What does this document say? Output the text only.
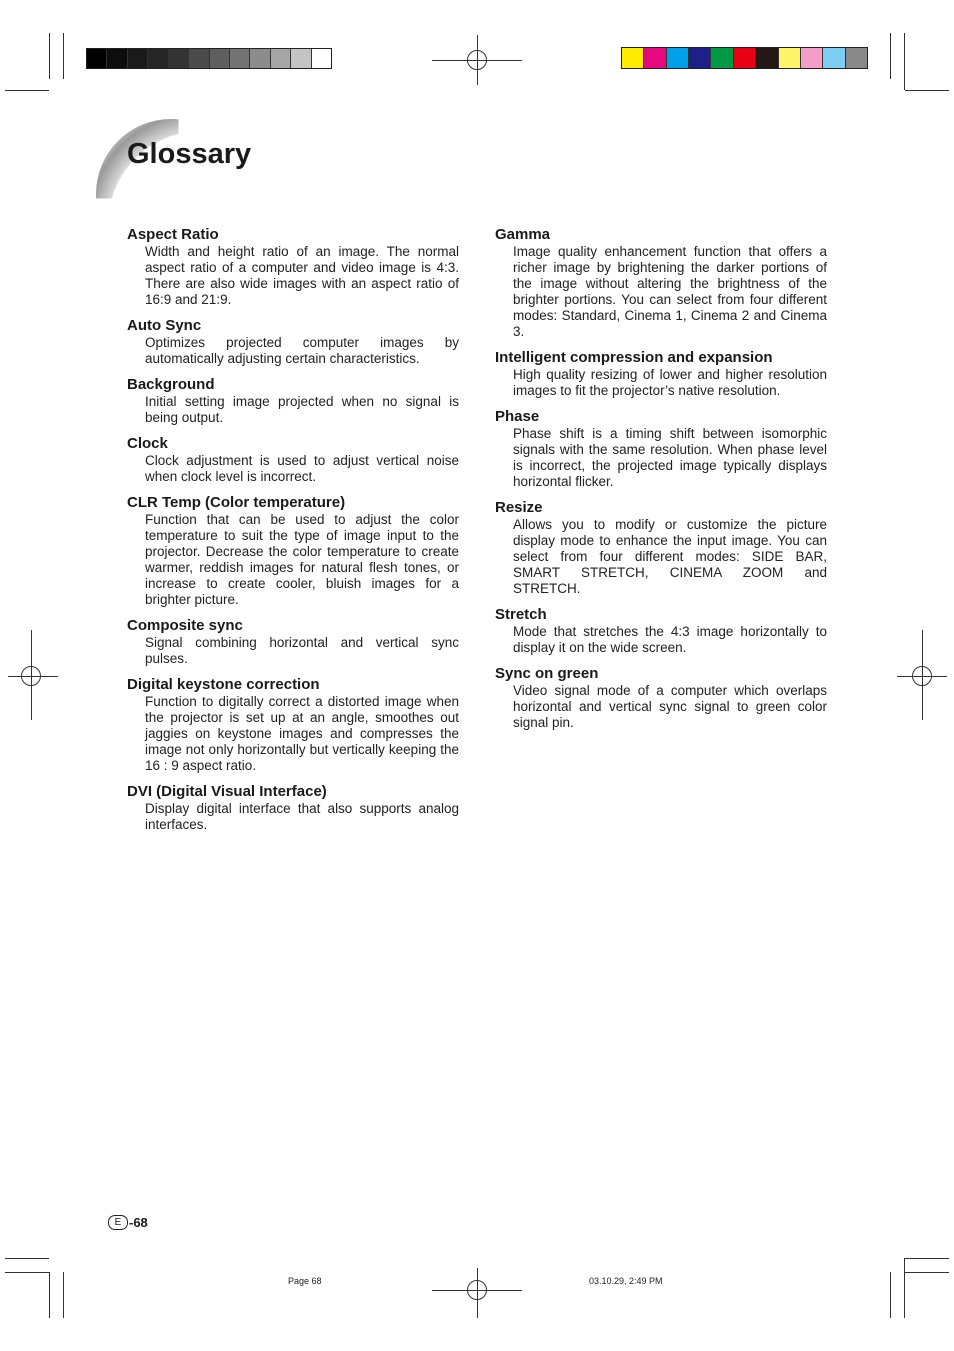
Glossary
Aspect Ratio
Width and height ratio of an image. The normal aspect ratio of a computer and video image is 4:3. There are also wide images with an aspect ratio of 16:9 and 21:9.
Auto Sync
Optimizes projected computer images by automatically adjusting certain characteristics.
Background
Initial setting image projected when no signal is being output.
Clock
Clock adjustment is used to adjust vertical noise when clock level is incorrect.
CLR Temp (Color temperature)
Function that can be used to adjust the color temperature to suit the type of image input to the projector. Decrease the color temperature to create warmer, reddish images for natural flesh tones, or increase to create cooler, bluish images for a brighter picture.
Composite sync
Signal combining horizontal and vertical sync pulses.
Digital keystone correction
Function to digitally correct a distorted image when the projector is set up at an angle, smoothes out jaggies on keystone images and compresses the image not only horizontally but vertically keeping the 16 : 9 aspect ratio.
DVI (Digital Visual Interface)
Display digital interface that also supports analog interfaces.
Gamma
Image quality enhancement function that offers a richer image by brightening the darker portions of the image without altering the brightness of the brighter portions. You can select from four different modes: Standard, Cinema 1, Cinema 2 and Cinema 3.
Intelligent compression and expansion
High quality resizing of lower and higher resolution images to fit the projector’s native resolution.
Phase
Phase shift is a timing shift between isomorphic signals with the same resolution. When phase level is incorrect, the projected image typically displays horizontal flicker.
Resize
Allows you to modify or customize the picture display mode to enhance the input image. You can select from four different modes: SIDE BAR, SMART STRETCH, CINEMA ZOOM and STRETCH.
Stretch
Mode that stretches the 4:3 image horizontally to display it on the wide screen.
Sync on green
Video signal mode of a computer which overlaps horizontal and vertical sync signal to green color signal pin.
E -68
Page 68	03.10.29, 2:49 PM
